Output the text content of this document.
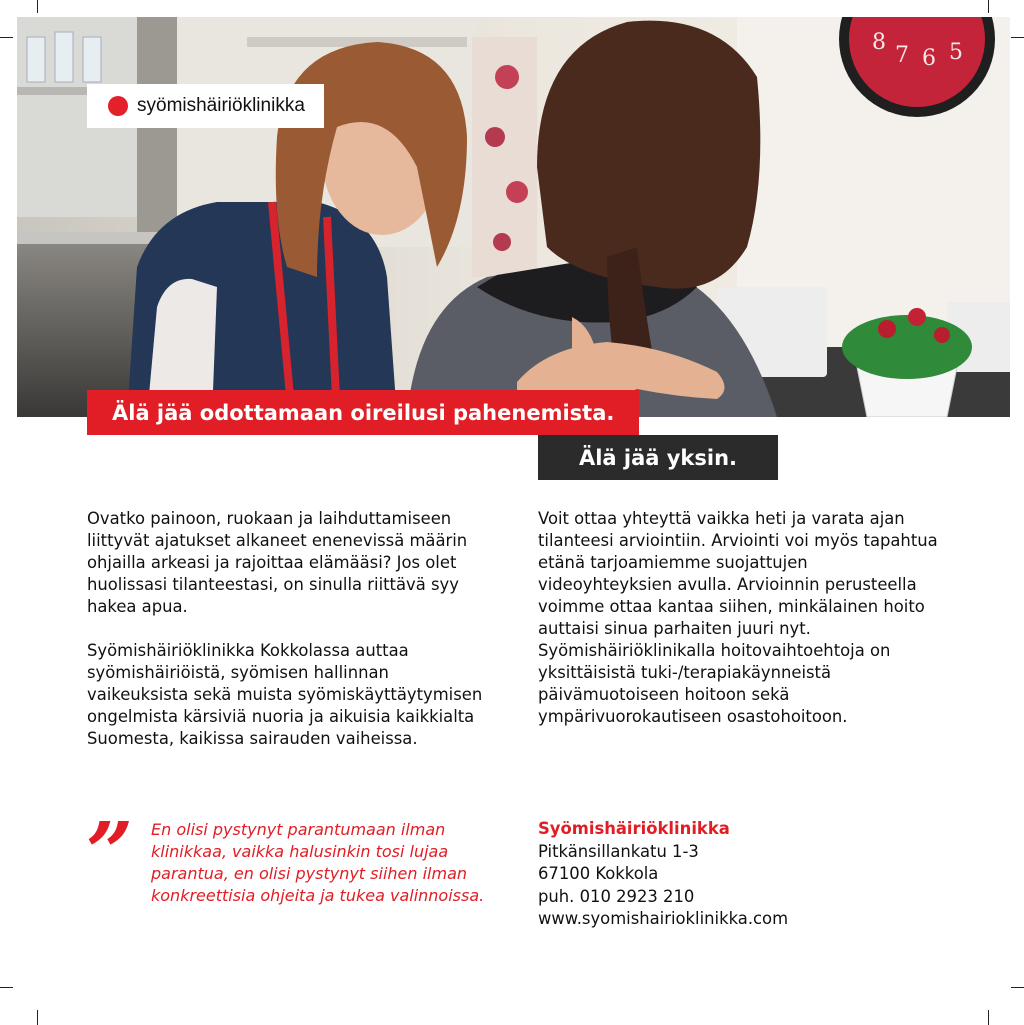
8
7 6 5
syömishäiriöklinikka
Älä jää odottamaan oireilusi pahenemista.
Älä jää yksin.

Ovatko painoon, ruokaan ja laihduttamiseen liittyvät ajatukset alkaneet enenevissä määrin ohjailla arkeasi ja rajoittaa elämääsi? Jos olet huolissasi tilanteestasi, on sinulla riittävä syy hakea apua.

Syömishäiriöklinikka Kokkolassa auttaa syömishäiriöistä, syömisen hallinnan vaikeuksista sekä muista syömiskäyttäytymisen ongelmista kärsiviä nuoria ja aikuisia kaikkialta Suomesta, kaikissa sairauden vaiheissa.

Voit ottaa yhteyttä vaikka heti ja varata ajan tilanteesi arviointiin. Arviointi voi myös tapahtua etänä tarjoamiemme suojattujen videoyhteyksien avulla. Arvioinnin perusteella voimme ottaa kantaa siihen, minkälainen hoito auttaisi sinua parhaiten juuri nyt. Syömishäiriöklinikalla hoitovaihtoehtoja on yksittäisistä tuki-/terapiakäynneistä päivämuotoiseen hoitoon sekä ympärivuorokautiseen osastohoitoon.

” En olisi pystynyt parantumaan ilman klinikkaa, vaikka halusinkin tosi lujaa parantua, en olisi pystynyt siihen ilman konkreettisia ohjeita ja tukea valinnoissa.

Syömishäiriöklinikka
Pitkänsillankatu 1-3
67100 Kokkola
puh. 010 2923 210
www.syomishairioklinikka.com
